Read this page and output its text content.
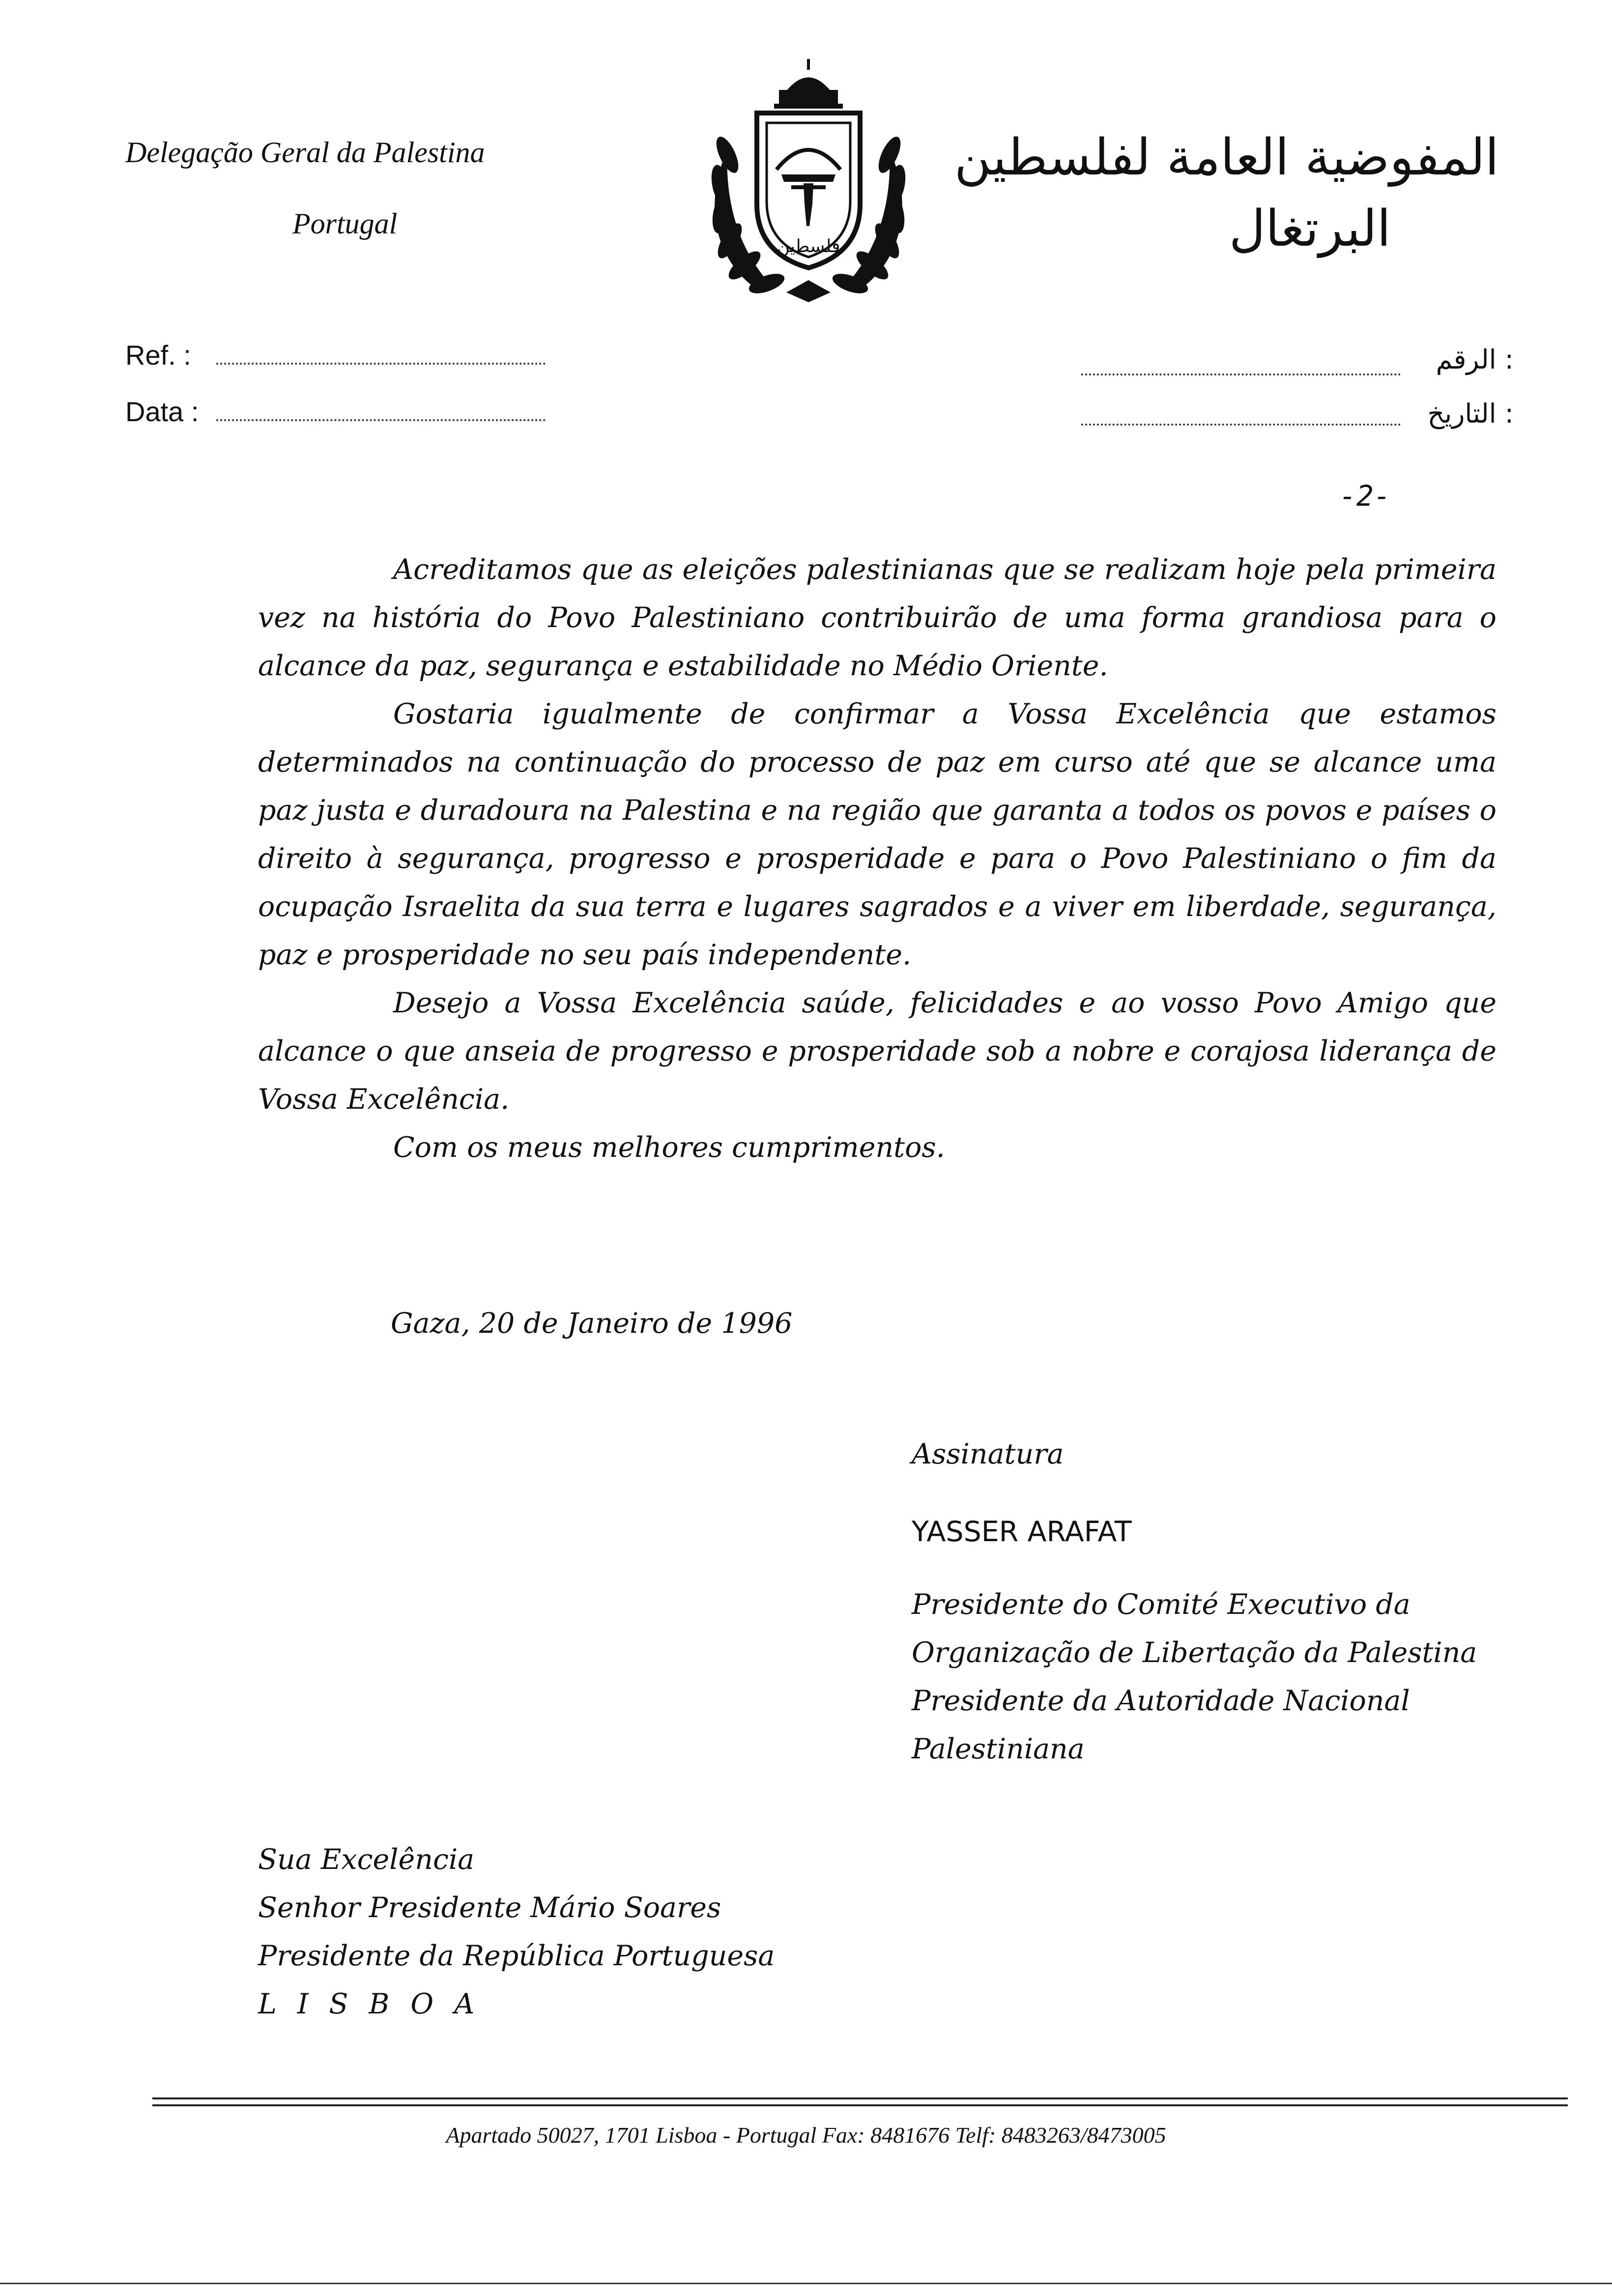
Delegação Geral da Palestina
Portugal
فلسطين
المفوضية العامة لفلسطين
البرتغال
Ref. :
Data :
: الرقم
: التاريخ
-2-

Acreditamos que as eleições palestinianas que se realizam hoje pela primeira vez na história do Povo Palestiniano contribuirão de uma forma grandiosa para o alcance da paz, segurança e estabilidade no Médio Oriente.

Gostaria igualmente de confirmar a Vossa Excelência que estamos determinados na continuação do processo de paz em curso até que se alcance uma paz justa e duradoura na Palestina e na região que garanta a todos os povos e países o direito à segurança, progresso e prosperidade e para o Povo Palestiniano o fim da ocupação Israelita da sua terra e lugares sagrados e a viver em liberdade, segurança, paz e prosperidade no seu país independente.

Desejo a Vossa Excelência saúde, felicidades e ao vosso Povo Amigo que alcance o que anseia de progresso e prosperidade sob a nobre e corajosa liderança de Vossa Excelência.

Com os meus melhores cumprimentos.

Gaza, 20 de Janeiro de 1996
Assinatura
YASSER ARAFAT
Presidente do Comité Executivo da
Organização de Libertação da Palestina
Presidente da Autoridade Nacional
Palestiniana
Sua Excelência
Senhor Presidente Mário Soares
Presidente da República Portuguesa
LISBOA
Apartado 50027, 1701 Lisboa - Portugal Fax: 8481676 Telf: 8483263/8473005
